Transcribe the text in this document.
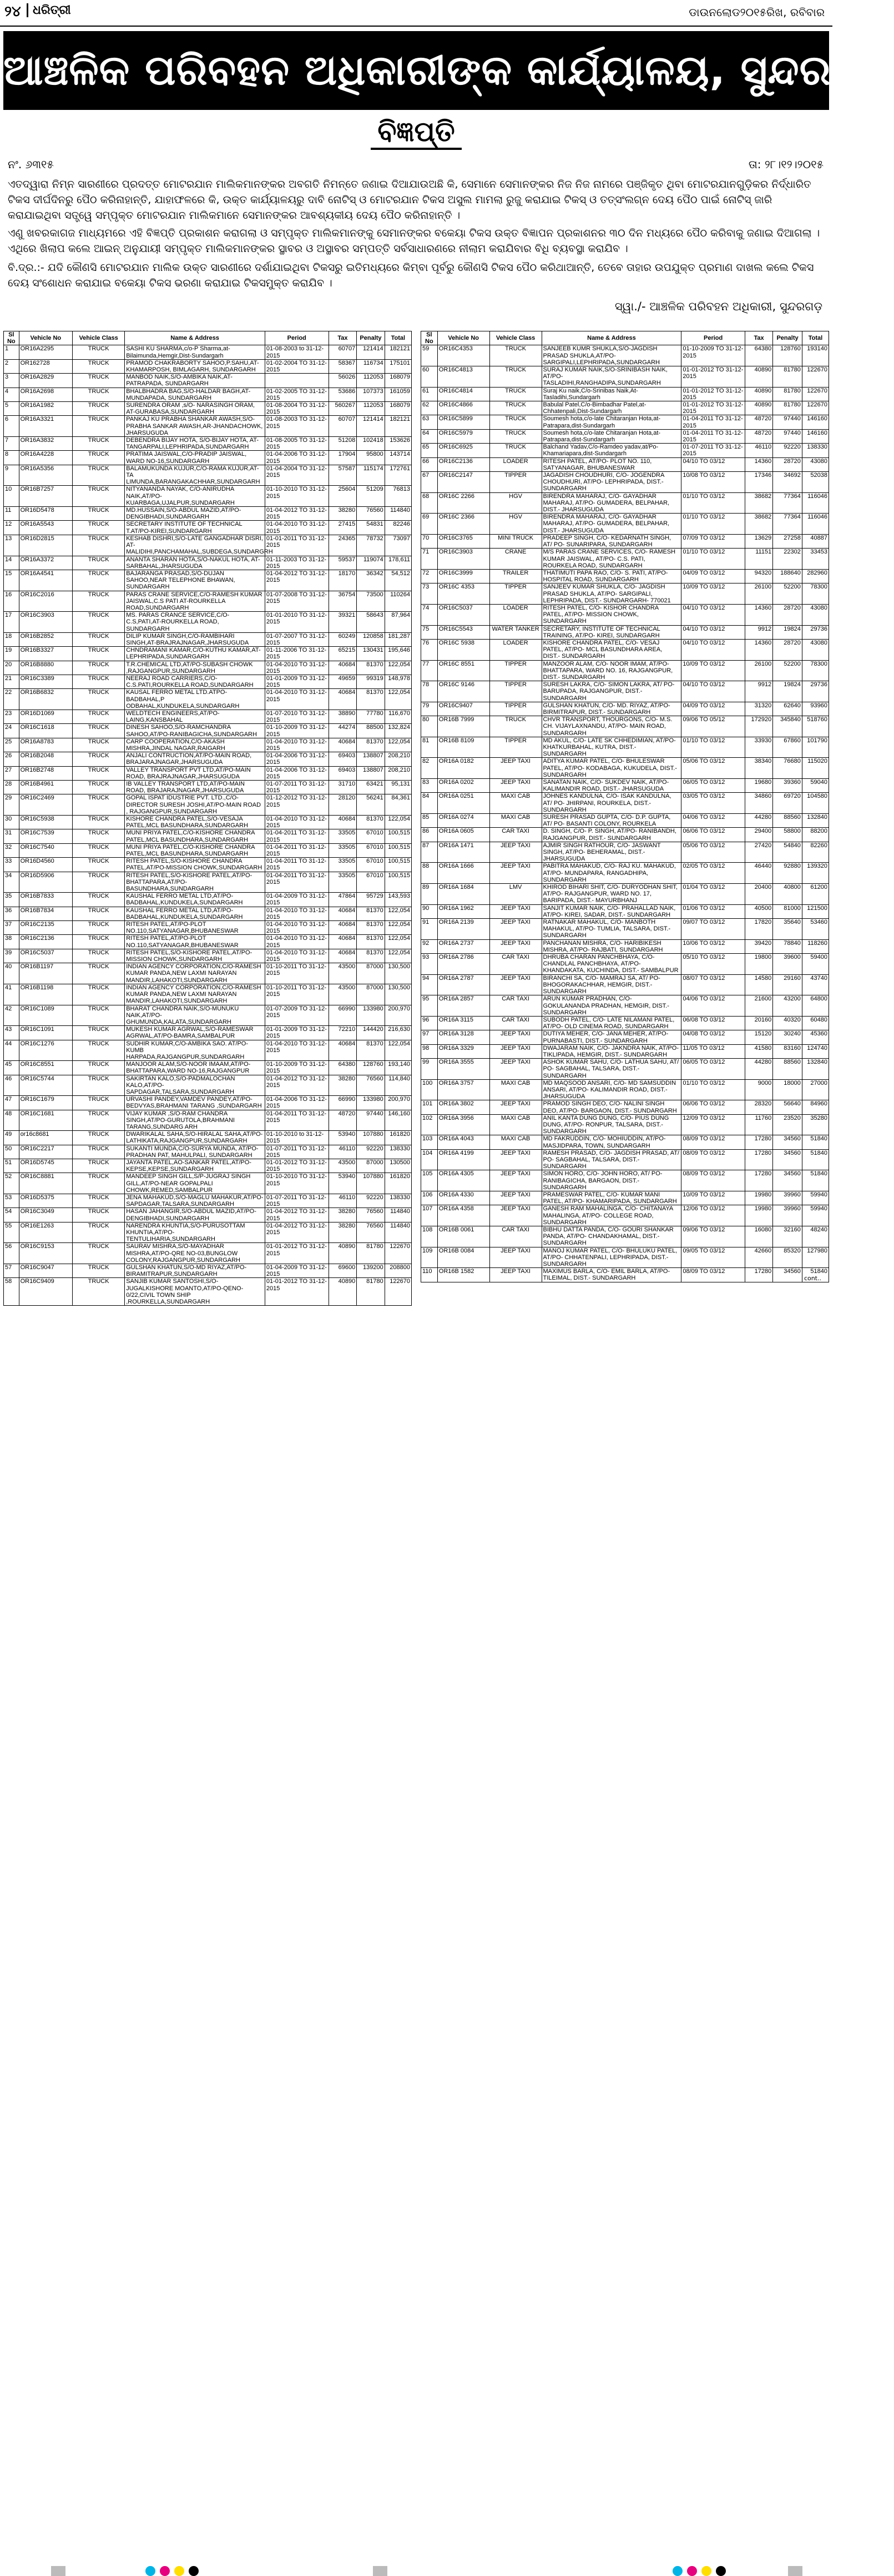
୨୪ ଧରିତ୍ରୀ	ଡାଉନଲୋଡ୨୦୧୫ରିଖ, ରବିବାର
ଆଞ୍ଚଳିକ ପରିବହନ ଅଧିକାରୀଙ୍କ କାର୍ଯ୍ୟାଳୟ, ସୁନ୍ଦରଗଡ଼
ବିଜ୍ଞପ୍ତି
ନଂ. ୬୩୧୫	ତା: ୨୮।୧୨।୨୦୧୫

ଏତଦ୍ୱାରା ନିମ୍ନ ସାରଣୀରେ ପ୍ରଦତ୍ତ ମୋଟରଯାନ ମାଲିକମାନଙ୍କର ଅବଗତି ନିମନ୍ତେ ଜଣାଇ ଦିଆଯାଉଅଛି କି, ସେମାନେ ସେମାନଙ୍କର ନିଜ ନିଜ ନାମରେ ପଞ୍ଜିକୃତ ଥିବା ମୋଟରଯାନଗୁଡ଼ିକର ନିର୍ଦ୍ଧାରିତ ଟିକସ ଦୀର୍ଘଦିନରୁ ପୈଠ କରିନାହାନ୍ତି, ଯାହାଫଳରେ କି, ଉକ୍ତ କାର୍ଯ୍ୟାଳୟରୁ ଦାବି ନୋଟିସ୍ ଓ ମୋଟରଯାନ ଟିକସ ଅସୁଲ ମାମଲା ରୁଜୁ କରାଯାଇ ଟିକସ୍ ଓ ତତ୍ସଂଲଗ୍ନ ଦେୟ ପୈଠ ପାଇଁ ନୋଟିସ୍ ଜାରି କରାଯାଇଥିବା ସତ୍ତ୍ୱେ ସମ୍ପୃକ୍ତ ମୋଟରଯାନ ମାଲିକମାନେ ସେମାନଙ୍କର ଆବଶ୍ୟକୀୟ ଦେୟ ପୈଠ କରିନାହାନ୍ତି ।

ଏଣୁ ଖବରକାଗଜ ମାଧ୍ୟମରେ ଏହି ବିଜ୍ଞପ୍ତି ପ୍ରକାଶନ କରାଗଲା ଓ ସମ୍ପୃକ୍ତ ମାଲିକମାନଙ୍କୁ ସେମାନଙ୍କର ବକେୟା ଟିକସ ଉକ୍ତ ବିଜ୍ଞାପନ ପ୍ରକାଶନର ୩୦ ଦିନ ମଧ୍ୟରେ ପୈଠ କରିବାକୁ ଜଣାଇ ଦିଆଗଲା । ଏଥିରେ ଖିଲାପ କଲେ ଆଇନ୍ ଅନୁଯାୟୀ ସମ୍ପୃକ୍ତ ମାଲିକମାନଙ୍କର ସ୍ଥାବର ଓ ଅସ୍ଥାବର ସମ୍ପତ୍ତି ସର୍ବସାଧାରଣରେ ନୀଲାମ କରାଯିବାର ବିଧି ବ୍ୟବସ୍ଥା କରାଯିବ ।

ବି.ଦ୍ର.:- ଯଦି କୌଣସି ମୋଟରଯାନ ମାଲିକ ଉକ୍ତ ସାରଣୀରେ ଦର୍ଶାଯାଇଥିବା ଟିକସରୁ ଇତିମଧ୍ୟରେ କିମ୍ବା ପୂର୍ବରୁ କୌଣସି ଟିକସ ପୈଠ କରିଥାଆନ୍ତି, ତେବେ ତାହାର ଉପଯୁକ୍ତ ପ୍ରମାଣ ଦାଖଲ କଲେ ଟିକସ ଦେୟ ସଂଶୋଧନ କରାଯାଇ ବକେୟା ଟିକସ ଭରଣା କରାଯାଇ ଟିକସମୁକ୍ତ କରାଯିବ ।

ସ୍ୱା./- ଆଞ୍ଚଳିକ ପରିବହନ ଅଧିକାରୀ, ସୁନ୍ଦରଗଡ଼
Sl No	Vehicle No	Vehicle Class	Name & Address	Period	Tax	Penalty	Total
1	OR16A2295	TRUCK	SASHI KU SHARMA,c/o-P Sharma,at-Bilaimunda,Hemgir,Dist-Sundargarh	01-08-2003 to 31-12-2015	60707	121414	182121
2	OR162728	TRUCK	PRAMOD CHAKRABORTY SAHOO,P.SAHU,AT-KHAMARPOSH, BIMLAGARH, SUNDARGARH	01-02-2004 TO 31-12-2015	58367	116734	175101
3	OR16A2829	TRUCK	MANBOD NAIK,S/O-AMBIKA NAIK,AT-PATRAPADA, SUNDARGARH		56026	112053	168079
4	OR16A2698	TRUCK	BHALBHADRA BAG,S/O-HALDAR BAGH,AT-MUNDAPADA, SUNDARGARH	01-02-2005 TO 31-12-2015	53686	107373	161059
5	OR16A1982	TRUCK	SURENDRA ORAM ,s/O- NARASINGH ORAM, AT-GURABASA,SUNDARGARH	01-08-2004 TO 31-12-2015	560267	112053	168079
6	OR16A3321	TRUCK	PANKAJ KU PRABHA SHANKAR AWASH,S/O-PRABHA SANKAR AWASH,AR-JHANDACHOWK, JHARSUGUDA	01-08-2003 TO 31-12-2015	60707	121414	182121
7	OR16A3832	TRUCK	DEBENDRA BIJAY HOTA, S/O-BIJAY HOTA, AT-TANGARPALI,LEPHRIPADA,SUNDARGARH	01-08-2005 TO 31-12-2015	51208	102418	153626
8	OR16A4228	TRUCK	PRATIMA JAISWAL,C/O-PRADIP JAISWAL, WARD NO-16,SUNDARGARH	01-04-2006 TO 31-12-2015	17904	95800	143714
9	OR16A5356	TRUCK	BALAMUKUNDA KUJUR,C/O-RAMA KUJUR,AT-TA LIMUNDA,BARANGAKACHHAR,SUNDARGARH	01-04-2004 TO 31-12-2015	57587	115174	172761
10	OR16B7257	TRUCK	NITYANANDA NAYAK, C/O-ANIRUDHA NAIK,AT/PO-KUARBAGA,UJALPUR,SUNDARGARH	01-10-2010 TO 31-12-2015	25604	51209	76813
11	OR16D5478	TRUCK	MD.HUSSAIN,S/O-ABDUL MAZID,AT/PO-DENGIBHADI,SUNDARGARH	01-04-2012 TO 31-12-2015	38280	76560	114840
12	OR16A5543	TRUCK	SECRETARY INSTITUTE OF TECHNICAL T.AT/PO-KIREI,SUNDARGARH	01-04-2010 TO 31-12-2015	27415	54831	82246
13	OR16D2815	TRUCK	KESHAB DISHRI,S/O-LATE GANGADHAR DISRI, AT-MALIDIHI,PANCHAMAHAL,SUBDEGA,SUNDARGRH	01-01-2011 TO 31-12-2015	24365	78732	73097
14	OR16A3372	TRUCK	ANANTA SHARAN HOTA,S/O-NAKUL HOTA, AT-SARBAHAL,JHARSUGUDA	01-11-2003 TO 31-12-2015	59537	119074	178,611
15	OR16A4541	TRUCK	BAJARANGA PRASAD,S/O-DUJAN SAHOO,NEAR TELEPHONE BHAWAN, SUNDARGARH	01-04-2012 TO 31-12-2015	18170	36342	54,512
16	OR16C2016	TRUCK	PARAS CRANE SERVICE,C/O-RAMESH KUMAR JAISWAL,C.S PATI AT-ROURKELLA ROAD,SUNDARGARH	01-07-2008 TO 31-12-2015	36754	73500	110264
17	OR16C3903	TRUCK	MS. PARAS CRANCE SERVICE,C/O-C.S,PATI,AT-ROURKELLA ROAD, SUNDARGARH	01-01-2010 TO 31-12-2015	39321	58643	87,964
18	OR16B2852	TRUCK	DILIP KUMAR SINGH,C/O-RAMBIHARI SINGH,AT-BRAJRAJNAGAR,JHARSUGUDA	01-07-2007 TO 31-12-2015	60249	120858	181,287
19	OR16B3327	TRUCK	CHNDRAMANI KAMAR,C/O-KUTHU KAMAR,AT-LEPHRIPADA,SUNDARGARH	01-11-2006 TO 31-12-2015	65215	130431	195,646
20	OR16B8880	TRUCK	T.R.CHEMICAL LTD,AT/PO-SUBASH CHOWK ,RAJGANGPUR,SUNDARGARH	01-04-2010 TO 31-12-2015	40684	81370	122,054
21	OR16C3389	TRUCK	NEERAJ ROAD CARRIERS,C/O-C.S.PATI,ROURKELLA ROAD,SUNDARGARH	01-01-2009 TO 31-12-2015	49659	99319	148,978
22	OR16B6832	TRUCK	KAUSAL FERRO METAL LTD.ATPO-BADBAHAL,P ODBAHAL,KUNDUKELA,SUNDARGARH	01-04-2010 TO 31-12-2015	40684	81370	122,054
23	OR16D1069	TRUCK	WELDTECH ENGINEERS,AT/PO-LAING,KANSBAHAL	01-07-2010 TO 31-12-2015	38890	77780	116,670
24	OR16C1618	TRUCK	DINESH SAHOO,S/O-RAMCHANDRA SAHOO,AT/PO-RANIBAGICHA,SUNDARGARH	01-10-2009 TO 31-12-2015	44274	88500	132,824
25	OR16A8783	TRUCK	CARP COOPERATION,C/O-AKASH MISHRA,JINDAL NAGAR,RAIGARH	01-04-2010 TO 31-12-2015	40684	81370	122,054
26	OR16B2048	TRUCK	ANJALI CONTRUCTION,AT/PO-MAIN ROAD, BRAJARAJNAGAR,JHARSUGUDA	01-04-2006 TO 31-12-2015	69403	138807	208,210
27	OR16B2748	TRUCK	VALLEY TRANSPORT PVT LTD,AT/PO-MAIN ROAD, BRAJRAJNAGAR,JHARSUGUDA	01-04-2006 TO 31-12-2015	69403	138807	208,210
28	OR16B4961	TRUCK	IB VALLEY TRANSPORT LTD,AT/PO-MAIN ROAD, BRAJARAJNAGAR,JHARSUGUDA	01-07-2011 TO 31-12-2015	31710	63421	95,131
29	OR16C2469	TRUCK	GOPAL ISPAT IDUSTRIE PVT. LTD.,C/O-DIRECTOR SURESH JOSHI,AT/PO-MAIN ROAD , RAJGANGPUR,SUNDARGARH	01-12-2012 TO 31-12-2015	28120	56241	84,361
30	OR16C5938	TRUCK	KISHORE CHANDRA PATEL,S/O-VESAJA PATEL,MCL BASUNDHARA,SUNDARGARH	01-04-2010 TO 31-12-2015	40684	81370	122,054
31	OR16C7539	TRUCK	MUNI PRIYA PATEL,C/O-KISHORE CHANDRA PATEL,MCL BASUNDHARA,SUNDARGARH	01-04-2011 TO 31-12-2015	33505	67010	100,515
32	OR16C7540	TRUCK	MUNI PRIYA PATEL,C/O-KISHORE CHANDRA PATEL,MCL BASUNDHARA,SUNDARGARH	01-04-2011 TO 31-12-2015	33505	67010	100,515
33	OR16D4560	TRUCK	RITESH PATEL,S/O-KISHORE CHANDRA PATEL,AT/PO-MISSION CHOWK,SUNDARGARH	01-04-2011 TO 31-12-2015	33505	67010	100,515
34	OR16D5906	TRUCK	RITESH PATEL,S/O-KISHORE PATEL,AT/PO-BHATTAPARA,AT/PO-BASUNDHARA,SUNDARGARH	01-04-2011 TO 31-12-2015	33505	67010	100,515
35	OR16B7833	TRUCK	KAUSHAL FERRO METAL LTD,AT/PO-BADBAHAL,KUNDUKELA,SUNDARGARH	01-04-2009 TO 31-12-2015	47864	95729	143,593
36	OR16B7834	TRUCK	KAUSHAL FERRO METAL LTD,AT/PO-BADBAHAL,KUNDUKELA,SUNDARGARH	01-04-2010 TO 31-12-2015	40684	81370	122,054
37	OR16C2135	TRUCK	RITESH PATEL,AT/PO-PLOT NO.110,SATYANAGAR,BHUBANESWAR	01-04-2010 TO 31-12-2015	40684	81370	122,054
38	OR16C2136	TRUCK	RITESH PATEL,AT/PO-PLOT NO.110,SATYANAGAR,BHUBANESWAR	01-04-2010 TO 31-12-2015	40684	81370	122,054
39	OR16C5037	TRUCK	RITESH PATEL,S/O-KISHORE PATEL,AT/PO-MISSION CHOWK,SUNDARGARH	01-04-2010 TO 31-12-2015	40684	81370	122,054
40	OR16B1197	TRUCK	INDIAN AGENCY CORPORATION,C/O-RAMESH KUMAR PANDA,NEW LAXMI NARAYAN MANDIR,LAHAKOTI,SUNDARGARH	01-10-2011 TO 31-12-2015	43500	87000	130,500
41	OR16B1198	TRUCK	INDIAN AGENCY CORPORATION,C/O-RAMESH KUMAR PANDA,NEW LAXMI NARAYAN MANDIR,LAHAKOTI,SUNDARGARH	01-10-2011 TO 31-12-2015	43500	87000	130,500
42	OR16C1089	TRUCK	BHARAT CHANDRA NAIK,S/O-MUNUKU NAIK,AT/PO-GHUMUNDA,KALATA,SUNDARGARH	01-07-2009 TO 31-12-2015	66990	133980	200,970
43	OR16C1091	TRUCK	MUKESH KUMAR AGRWAL,S/O-RAMESWAR AGRWAL,AT/PO-BAMRA,SAMBALPUR	01-01-2009 TO 31-12-2015	72210	144420	216,630
44	OR16C1276	TRUCK	SUDHIR KUMAR,C/O-AMBIKA SAO. AT/PO-KUMB HARPADA,RAJGANGPUR,SUNDARGARH	01-04-2010 TO 31-12-2015	40684	81370	122,054
45	OR16C8551	TRUCK	MANJOOR ALAM,S/O-NOOR IMAAM,AT/PO-BHATTAPARA,WARD NO-16,RAJGANGPUR	01-10-2009 TO 31-12-2015	64380	128760	193,140
46	OR16C5744	TRUCK	SAKIRTAN KALO,S/O-PADMALOCHAN KALO,AT/PO-SAPDAGAR,TALSARA,SUNDARGARH	01-04-2012 TO 31-12-2015	38280	76560	114,840
47	OR16C1679	TRUCK	URVASHI PANDEY,VAMDEV PANDEY,AT/PO-BEDVYAS,BRAHMANI TARANG ,SUNDARGARH	01-04-2006 TO 31-12-2015	66990	133980	200,970
48	OR16C1681	TRUCK	VIJAY KUMAR ,S/O-RAM CHANDRA SINGH,AT/PO-GURUTOLA,BRAHMANI TARANG,SUNDARG ARH	01-04-2011 TO 31-12-2015	48720	97440	146,160
49	or16c8681	TRUCK	DWARIKALAL SAHA,S/O-HIRALAL SAHA,AT/PO-LATHIKATA,RAJGANGPUR,SUNDARGARH	01-10-2010 to 31-12-2015	53940	107880	161820
50	OR16C2217	TRUCK	SUKANTI MUNDA,C/O-SURYA MUNDA, AT/PO-PRADHAN PAT, MAHULPALI, SUNDARGARH	01-07-2011 TO 31-12-2015	46110	92220	138330
51	OR16D5745	TRUCK	JAYANTA PATEL,AO-SANKAR PATEL,AT/PO-KEPSE,KEPSE,SUNDARGARH	01-01-2012 TO 31-12-2015	43500	87000	130500
52	OR16C8881	TRUCK	MANDEEP SINGH GILL,S/P-JUGRAJ SINGH GILL,AT/PO-NEAR GOPALPALI CHOWK,REMED,SAMBALPUR	01-10-2010 TO 31-12-2015	53940	107880	161820
53	OR16D5375	TRUCK	JENA MAHAKUD,S/O-MAGLU MAHAKUR,AT/PO-SAPDAGAR,TALSARA,SUNDARGARH	01-07-2011 TO 31-12-2015	46110	92220	138330
54	OR16C3049	TRUCK	HASAN JAHANGIR,S/O-ABDUL MAZID,AT/PO-DENGIBHADI,SUNDARGARH	01-04-2012 TO 31-12-2015	38280	76560	114840
55	OR16E1263	TRUCK	NARENDRA KHUNTIA,S/O-PURUSOTTAM KHUNTIA,AT/PO-TENTULIHARIA,SUNDARGARH	01-04-2012 TO 31-12-2015	38280	76560	114840
56	OR16C9153	TRUCK	SAURAV MISHRA,S/O-MAYADHAR MISHRA,AT/PO-QRE NO-03,BUNGLOW COLONY,RAJGANGPUR,SUNDARGARH	01-01-2012 TO 31-12-2015	40890	81780	122670
57	OR16C9047	TRUCK	GULSHAN KHATUN,S/O-MD RIYAZ,AT/PO-BIRAMITRAPUR,SUNDARGARH	01-04-2009 TO 31-12-2015	69600	139200	208800
58	OR16C9409	TRUCK	SANJIB KUMAR SANTOSHI,S/O-JUGALKISHORE MOANTO,AT/PO-QENO-0/22,CIVIL TOWN SHIP ,ROURKELLA,SUNDARGARH	01-01-2012 TO 31-12-2015	40890	81780	122670
Sl No	Vehicle No	Vehicle Class	Name & Address	Period	Tax	Penalty	Total
59	OR16C4353	TRUCK	SANJEEB KUMR SHUKLA,S/O-JAGDISH PRASAD SHUKLA,AT/PO-SARGIPALI,LEPHRIPADA,SUNDARGARH	01-10-2009 TO 31-12-2015	64380	128760	193140
60	OR16C4813	TRUCK	SURAJ KUMAR NAIK,S/O-SRINIBASH NAIK, AT/PO-TASLADIHI,RANGHADIPA,SUNDARGARH	01-01-2012 TO 31-12-2015	40890	81780	122670
61	OR16C4814	TRUCK	Suraj Ku naik,C/o-Srinibas Naik,At-Tasladihi,Sundargarh	01-01-2012 TO 31-12-2015	40890	81780	122670
62	OR16C4866	TRUCK	Babulal Patel,C/o-Bimbadhar Patel,at-Chhatenpali,Dist-Sundargarh	01-01-2012 TO 31-12-2015	40890	81780	122670
63	OR16C5899	TRUCK	Soumesh hota,c/o-late Chitaranjan Hota,at-Patrapara,dist-Sundargarh	01-04-2011 TO 31-12-2015	48720	97440	146160
64	OR16C5979	TRUCK	Soumesh hota,c/o-late Chitaranjan Hota,at-Patrapara,dist-Sundargarh	01-04-2011 TO 31-12-2015	48720	97440	146160
65	OR16C6925	TRUCK	Balchand Yadav,C/o-Ramdeo yadav,at/Po-Khamariapara,dist-Sundargarh	01-07-2011 TO 31-12-2015	46110	92220	138330
66	OR16C2136	LOADER	RITESH PATEL, AT/PO- PLOT NO. 110, SATYANAGAR, BHUBANESWAR	04/10 TO 03/12	14360	28720	43080
67	OR16C2147	TIPPER	JAGADISH CHOUDHURI, C/O- JOGENDRA CHOUDHURI, AT/PO- LEPHRIPADA, DIST.- SUNDARGARH	10/08 TO 03/12	17346	34692	52038
68	OR16C 2266	HGV	BIRENDRA MAHARAJ, C/O- GAYADHAR MAHARAJ, AT/PO- GUMADERA, BELPAHAR, DIST.- JHARSUGUDA	01/10 TO 03/12	38682	77364	116046
69	OR16C 2366	HGV	BIRENDRA MAHARAJ, C/O- GAYADHAR MAHARAJ, AT/PO- GUMADERA, BELPAHAR, DIST.- JHARSUGUDA	01/10 TO 03/12	38682	77364	116046
70	OR16C3765	MINI TRUCK	PRADEEP SINGH, C/O- KEDARNATH SINGH, AT/ PO- SUNARIPARA, SUNDARGARH	07/09 TO 03/12	13629	27258	40887
71	OR16C3903	CRANE	M/S PARAS CRANE SERVICES, C/O- RAMESH KUMAR JAISWAL, AT/PO- C.S. PATI, ROURKELA ROAD, SUNDARGARH	01/10 TO 03/12	11151	22302	33453
72	OR16C3999	TRAILER	THATIMUTI PAPA RAO, C/O- S. PATI, AT/PO- HOSPITAL ROAD, SUNDARGARH	04/09 TO 03/12	94320	188640	282960
73	OR16C 4353	TIPPER	SANJEEV KUMAR SHUKLA, C/O- JAGDISH PRASAD SHUKLA, AT/PO- SARGIPALI, LEPHRIPADA, DIST.- SUNDARGARH- 770021	10/09 TO 03/12	26100	52200	78300
74	OR16C5037	LOADER	RITESH PATEL, C/O- KISHOR CHANDRA PATEL, AT/PO- MISSION CHOWK, SUNDARGARH	04/10 TO 03/12	14360	28720	43080
75	OR16C5543	WATER TANKER	SECRETARY, INSTITUTE OF TECHNICAL TRAINING, AT/PO- KIREI, SUNDARGARH	04/10 TO 03/12	9912	19824	29736
76	OR16C 5938	LOADER	KISHORE CHANDRA PATEL, C/O- VESAJ PATEL, AT/PO- MCL BASUNDHARA AREA, DIST.- SUNDARGARH	04/10 TO 03/12	14360	28720	43080
77	OR16C 8551	TIPPER	MANZOOR ALAM, C/O- NOOR IMAM, AT/PO- BHATTAPARA, WARD NO. 16, RAJGANGPUR, DIST.- SUNDARGARH	10/09 TO 03/12	26100	52200	78300
78	OR16C 9146	TIPPER	SURESH LAKRA, C/O- SIMON LAKRA, AT/ PO- BARUPADA, RAJGANGPUR, DIST.- SUNDARGARH	04/10 TO 03/12	9912	19824	29736
79	OR16C9407	TIPPER	GULSHAN KHATUN, C/O- MD. RIYAZ, AT/PO- BIRMITRAPUR, DIST.- SUNDARGARH	04/09 TO 03/12	31320	62640	93960
80	OR16B 7999	TRUCK	CHVR TRANSPORT, THOURGONS, C/O- M.S. CH. VIJAYLAXNANDU, AT/PO- MAIN ROAD, SUNDARGARH	09/06 TO 05/12	172920	345840	518760
81	OR16B 8109	TIPPER	MD AKUL, C/O- LATE SK CHHEDIMIAN, AT/PO- KHATKURBAHAL, KUTRA, DIST.- SUNDARGARH	01/10 TO 03/12	33930	67860	101790
82	OR16A 0182	JEEP TAXI	ADITYA KUMAR PATEL, C/O- BHULESWAR PATEL, AT/PO- KODABAGA, KUKUDELA, DIST.- SUNDARGARH	05/06 TO 03/12	38340	76680	115020
83	OR16A 0202	JEEP TAXI	SANATAN NAIK, C/O- SUKDEV NAIK, AT/PO- KALIMANDIR ROAD, DIST.- JHARSUGUDA	06/05 TO 03/12	19680	39360	59040
84	OR16A 0251	MAXI CAB	JOHNES KANDULNA, C/O- ISAK KANDULNA, AT/ PO- JHIRPANI, ROURKELA, DIST.- SUNDARGARH	03/05 TO 03/12	34860	69720	104580
85	OR16A 0274	MAXI CAB	SURESH PRASAD GUPTA, C/O- D.P. GUPTA, AT/ PO- BASANTI COLONY, ROURKELA	04/06 TO 03/12	44280	88560	132840
86	OR16A 0605	CAR TAXI	D. SINGH, C/O- P. SINGH, AT/PO- RANIBANDH, RAJGANGPUR, DIST.- SUNDARGARH	06/06 TO 03/12	29400	58800	88200
87	OR16A 1471	JEEP TAXI	AJMIR SINGH RATHOUR, C/O- JASWANT SINGH, AT/PO- BEHERAMAL, DIST.- JHARSUGUDA	05/06 TO 03/12	27420	54840	82260
88	OR16A 1666	JEEP TAXI	PABITRA MAHAKUD, C/O- RAJ KU. MAHAKUD, AT/PO- MUNDAPARA, RANGADHIPA, SUNDARGARH	02/05 TO 03/12	46440	92880	139320
89	OR16A 1684	LMV	KHIROD BIHARI SHIT, C/O- DURYODHAN SHIT, AT/PO- RAJGANGPUR, WARD NO. 17, BARIPADA, DIST.- MAYURBHANJ	01/04 TO 03/12	20400	40800	61200
90	OR16A 1962	JEEP TAXI	SANJIT KUMAR NAIK, C/O- PRAHALLAD NAIK, AT/PO- KIREI, SADAR, DIST.- SUNDARGARH	01/06 TO 03/12	40500	81000	121500
91	OR16A 2139	JEEP TAXI	RATNAKAR MAHAKUL, C/O- MANBOTH MAHAKUL, AT/PO- TUMLIA, TALSARA, DIST.- SUNDARGARH	09/07 TO 03/12	17820	35640	53460
92	OR16A 2737	JEEP TAXI	PANCHANAN MISHRA, C/O- HARIBIKESH MISHRA, AT/PO- RAJBATI, SUNDARGARH	10/06 TO 03/12	39420	78840	118260
93	OR16A 2786	CAR TAXI	DHRUBA CHARAN PANCHBHAYA, C/O- CHANDLAL PANCHBHAYA, AT/PO- KHANDAKATA, KUCHINDA, DIST.- SAMBALPUR	05/10 TO 03/12	19800	39600	59400
94	OR16A 2787	JEEP TAXI	BIRANCHI SA, C/O- MAMRAJ SA, AT/ PO- BHOGORAKACHHAR, HEMGIR, DIST.- SUNDARGARH	08/07 TO 03/12	14580	29160	43740
95	OR16A 2857	CAR TAXI	ARUN KUMAR PRADHAN, C/O- GOKULANANDA PRADHAN, HEMGIR, DIST.- SUNDARGARH	04/06 TO 03/12	21600	43200	64800
96	OR16A 3115	CAR TAXI	SUBODH PATEL, C/O- LATE NILAMANI PATEL, AT/PO- OLD CINEMA ROAD, SUNDARGARH	06/08 TO 03/12	20160	40320	60480
97	OR16A 3128	JEEP TAXI	DUTIYA MEHER, C/O- JANA MEHER, AT/PO- PURNABASTI, DIST.- SUNDARGARH	04/08 TO 03/12	15120	30240	45360
98	OR16A 3329	JEEP TAXI	DWAJARAM NAIK, C/O- JAKNDRA NAIK, AT/PO- TIKLIPADA, HEMGIR, DIST.- SUNDARGARH	11/05 TO 03/12	41580	83160	124740
99	OR16A 3555	JEEP TAXI	ASHOK KUMAR SAHU, C/O- LATHUA SAHU, AT/ PO- SAGBAHAL, TALSARA, DIST.- SUNDARGARH	06/05 TO 03/12	44280	88560	132840
100	OR16A 3757	MAXI CAB	MD MAQSOOD ANSARI, C/O- MD SAMSUDDIN ANSARI, AT/PO- KALIMANDIR ROAD, DIST.- JHARSUGUDA	01/10 TO 03/12	9000	18000	27000
101	OR16A 3802	JEEP TAXI	PRAMOD SINGH DEO, C/O- NALINI SINGH DEO, AT/PO- BARGAON, DIST.- SUNDARGARH	06/06 TO 03/12	28320	56640	84960
102	OR16A 3956	MAXI CAB	ANIL KANTA DUNG DUNG, C/O- PIUS DUNG DUNG, AT/PO- RONPUR, TALSARA, DIST.- SUNDARGARH	12/09 TO 03/12	11760	23520	35280
103	OR16A 4043	MAXI CAB	MD FAKRUDDIN, C/O- MOHIUDDIN, AT/PO- MASJIDPARA, TOWN, SUNDARGARH	08/09 TO 03/12	17280	34560	51840
104	OR16A 4199	JEEP TAXI	RAMESH PRASAD, C/O- JAGDISH PRASAD, AT/ PO- SAGBAHAL, TALSARA, DIST.- SUNDARGARH	08/09 TO 03/12	17280	34560	51840
105	OR16A 4305	JEEP TAXI	SIMON HORO, C/O- JOHN HORO, AT/ PO- RANIBAGICHA, BARGAON, DIST.- SUNDARGARH	08/09 TO 03/12	17280	34560	51840
106	OR16A 4330	JEEP TAXI	PRAMESWAR PATEL, C/O- KUMAR MANI PATEL, AT/PO- KHAMARIPADA, SUNDARGARH	10/09 TO 03/12	19980	39960	59940
107	OR16A 4358	JEEP TAXI	GANESH RAM MAHALINGA, C/O- CHITANAYA MAHALINGA, AT/PO- COLLEGE ROAD, SUNDARGARH	12/06 TO 03/12	19980	39960	59940
108	OR16B 0061	CAR TAXI	BIBHU DATTA PANDA, C/O- GOURI SHANKAR PANDA, AT/PO- CHANDAKHAMAL, DIST.- SUNDARGARH	09/06 TO 03/12	16080	32160	48240
109	OR16B 0084	JEEP TAXI	MANOJ KUMAR PATEL, C/O- BHULUKU PATEL, AT/PO- CHHATENPALI, LEPHRIPADA, DIST.- SUNDARGARH	09/05 TO 03/12	42660	85320	127980
110	OR16B 1582	JEEP TAXI	MAXIMUS BARLA, C/O- EMIL BARLA, AT/PO- TILEIMAL, DIST.- SUNDARGARH	08/09 TO 03/12	17280	34560	51840
cont..
